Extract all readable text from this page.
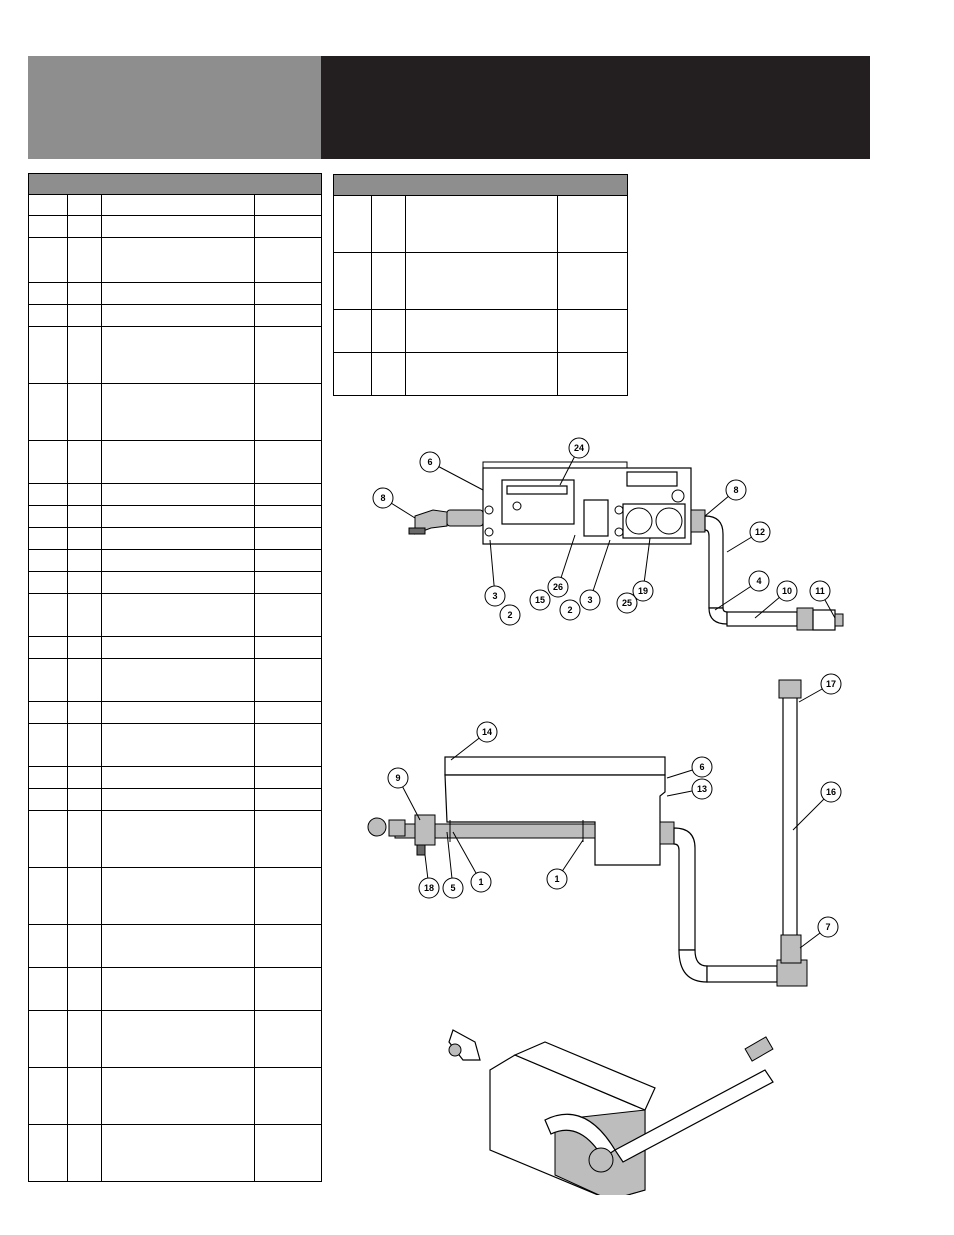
24
6
8
8
12
3
2
15
26
2
3	25
19
4
10	11
14
17
6
13
9
16
18 5
1	1
7
